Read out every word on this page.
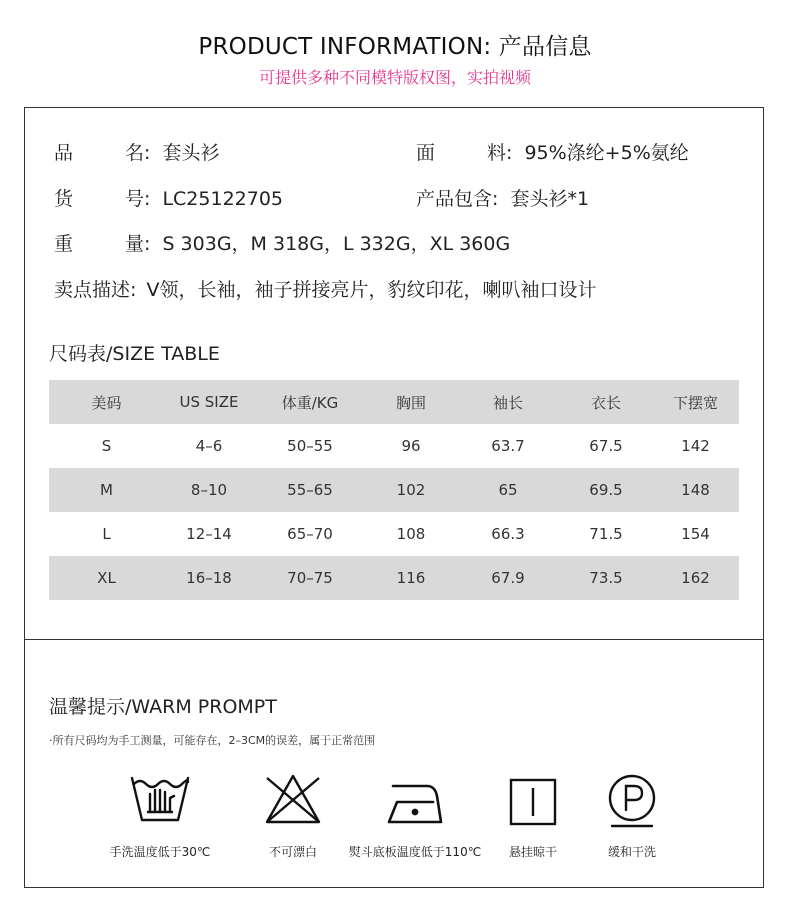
PRODUCT INFORMATION: 产品信息
可提供多种不同模特版权图，实拍视频
品名: 套头衫	面料: 95%涤纶+5%氨纶
货号: LC25122705	产品包含: 套头衫*1
重量: S 303G，M 318G，L 332G，XL 360G
卖点描述: V领，长袖，袖子拼接亮片，豹纹印花，喇叭袖口设计
尺码表/SIZE TABLE
美码	US SIZE	体重/KG	胸围	袖长	衣长	下摆宽
S	4–6	50–55	96	63.7	67.5	142
M	8–10	55–65	102	65	69.5	148
L	12–14	65–70	108	66.3	71.5	154
XL	16–18	70–75	116	67.9	73.5	162
温馨提示/WARM PROMPT
·所有尺码均为手工测量，可能存在，2–3CM的误差，属于正常范围
手洗温度低于30℃	不可漂白	熨斗底板温度低于110℃	悬挂晾干	缓和干洗
